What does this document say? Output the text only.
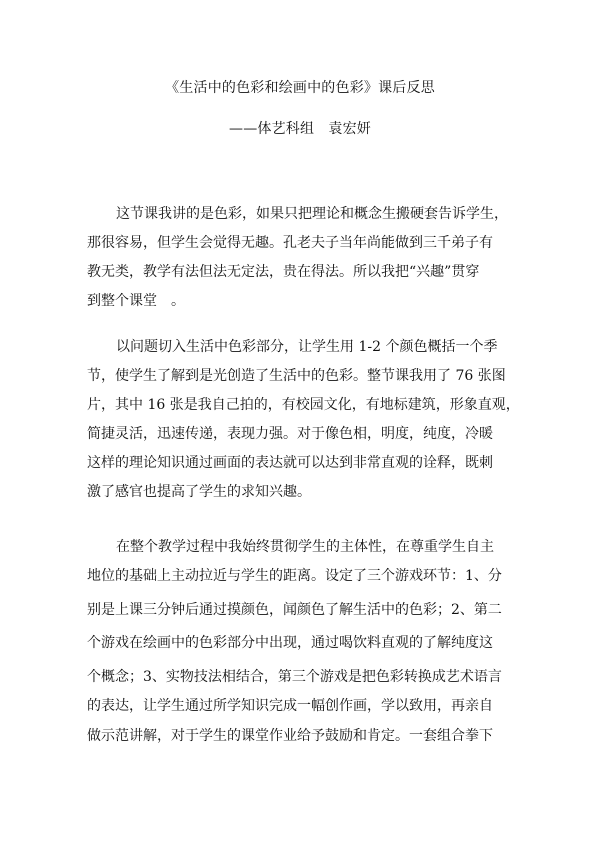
《生活中的色彩和绘画中的色彩》课后反思
——体艺科组　袁宏妍
这节课我讲的是色彩，如果只把理论和概念生搬硬套告诉学生，
那很容易，但学生会觉得无趣。孔老夫子当年尚能做到三千弟子有
教无类，教学有法但法无定法，贵在得法。所以我把“兴趣”贯穿
到整个课堂　。
以问题切入生活中色彩部分，让学生用 1-2 个颜色概括一个季
节，使学生了解到是光创造了生活中的色彩。整节课我用了 76 张图
片，其中 16 张是我自己拍的，有校园文化，有地标建筑，形象直观，
简捷灵活，迅速传递，表现力强。对于像色相，明度，纯度，冷暖
这样的理论知识通过画面的表达就可以达到非常直观的诠释，既刺
激了感官也提高了学生的求知兴趣。
在整个教学过程中我始终贯彻学生的主体性，在尊重学生自主
地位的基础上主动拉近与学生的距离。设定了三个游戏环节：1、分
别是上课三分钟后通过摸颜色，闻颜色了解生活中的色彩；2、第二
个游戏在绘画中的色彩部分中出现，通过喝饮料直观的了解纯度这
个概念；3、实物技法相结合，第三个游戏是把色彩转换成艺术语言
的表达，让学生通过所学知识完成一幅创作画，学以致用，再亲自
做示范讲解，对于学生的课堂作业给予鼓励和肯定。一套组合拳下
